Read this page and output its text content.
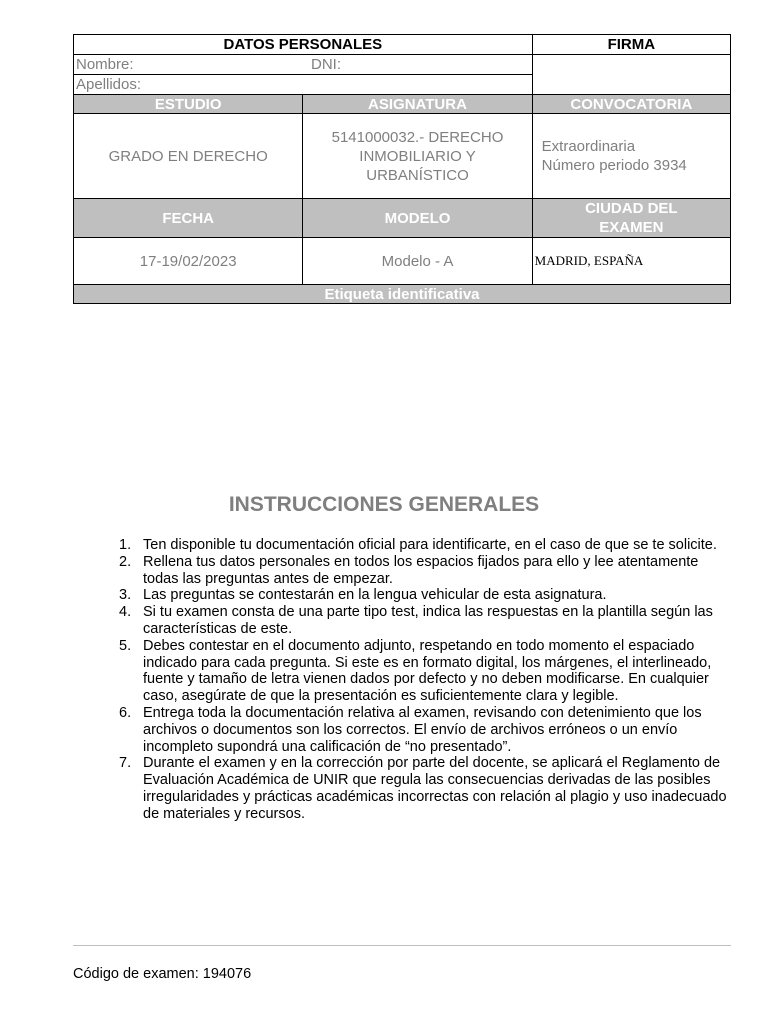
DATOS PERSONALES		FIRMA
Nombre: DNI:		

Apellidos:		
ESTUDIO	ASIGNATURA	CONVOCATORIA
GRADO EN DERECHO	5141000032.- DERECHO INMOBILIARIO Y URBANÍSTICO	Extraordinaria
Número periodo 3934

FECHA	MODELO	CIUDAD DEL EXAMEN
17-19/02/2023	Modelo - A	MADRID, ESPAÑA
Etiqueta identificativa		
INSTRUCCIONES GENERALES
1. Ten disponible tu documentación oficial para identificarte, en el caso de que se te solicite.
2. Rellena tus datos personales en todos los espacios fijados para ello y lee atentamente todas las preguntas antes de empezar.
3. Las preguntas se contestarán en la lengua vehicular de esta asignatura.
4. Si tu examen consta de una parte tipo test, indica las respuestas en la plantilla según las características de este.
5. Debes contestar en el documento adjunto, respetando en todo momento el espaciado indicado para cada pregunta. Si este es en formato digital, los márgenes, el interlineado, fuente y tamaño de letra vienen dados por defecto y no deben modificarse. En cualquier caso, asegúrate de que la presentación es suficientemente clara y legible.
6. Entrega toda la documentación relativa al examen, revisando con detenimiento que los archivos o documentos son los correctos. El envío de archivos erróneos o un envío incompleto supondrá una calificación de “no presentado”.
7. Durante el examen y en la corrección por parte del docente, se aplicará el Reglamento de Evaluación Académica de UNIR que regula las consecuencias derivadas de las posibles irregularidades y prácticas académicas incorrectas con relación al plagio y uso inadecuado de materiales y recursos.
Código de examen: 194076
